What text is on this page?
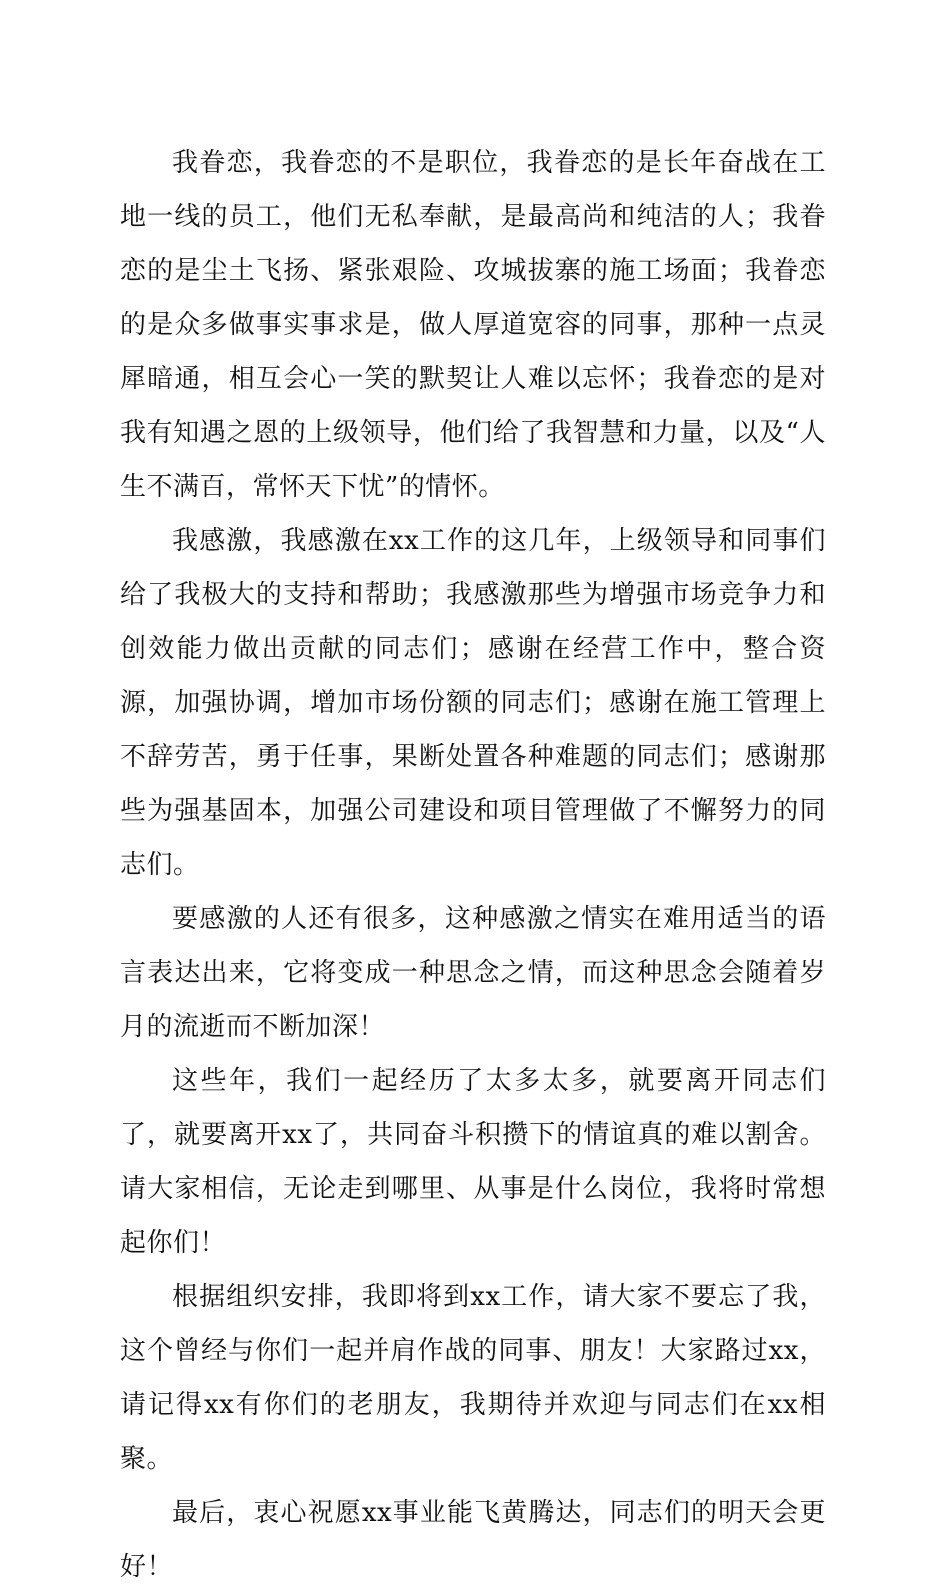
我眷恋，我眷恋的不是职位，我眷恋的是长年奋战在工地一线的员工，他们无私奉献，是最高尚和纯洁的人；我眷恋的是尘土飞扬、紧张艰险、攻城拔寨的施工场面；我眷恋的是众多做事实事求是，做人厚道宽容的同事，那种一点灵犀暗通，相互会心一笑的默契让人难以忘怀；我眷恋的是对我有知遇之恩的上级领导，他们给了我智慧和力量，以及“人生不满百，常怀天下忧”的情怀。

我感激，我感激在xx工作的这几年，上级领导和同事们给了我极大的支持和帮助；我感激那些为增强市场竞争力和创效能力做出贡献的同志们；感谢在经营工作中，整合资源，加强协调，增加市场份额的同志们；感谢在施工管理上不辞劳苦，勇于任事，果断处置各种难题的同志们；感谢那些为强基固本，加强公司建设和项目管理做了不懈努力的同志们。

要感激的人还有很多，这种感激之情实在难用适当的语言表达出来，它将变成一种思念之情，而这种思念会随着岁月的流逝而不断加深！

这些年，我们一起经历了太多太多，就要离开同志们了，就要离开xx了，共同奋斗积攒下的情谊真的难以割舍。请大家相信，无论走到哪里、从事是什么岗位，我将时常想起你们！

根据组织安排，我即将到xx工作，请大家不要忘了我，这个曾经与你们一起并肩作战的同事、朋友！大家路过xx，请记得xx有你们的老朋友，我期待并欢迎与同志们在xx相聚。

最后，衷心祝愿xx事业能飞黄腾达，同志们的明天会更好！
